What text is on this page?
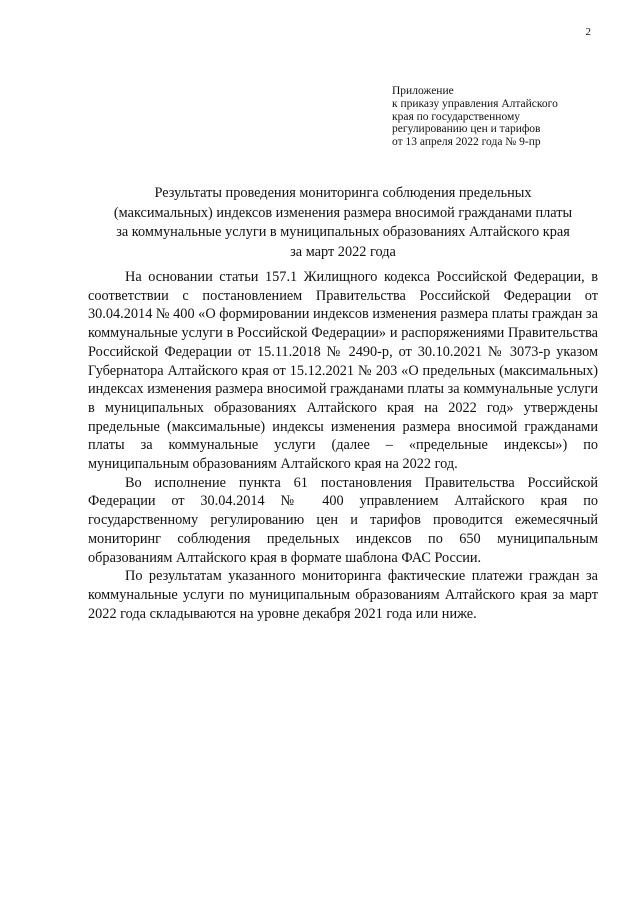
2
Приложение
к приказу управления Алтайского
края по государственному
регулированию цен и тарифов
от 13 апреля 2022 года № 9-пр
Результаты проведения мониторинга соблюдения предельных
(максимальных) индексов изменения размера вносимой гражданами платы
за коммунальные услуги в муниципальных образованиях Алтайского края
за март 2022 года

На основании статьи 157.1 Жилищного кодекса Российской Федерации, в соответствии с постановлением Правительства Российской Федерации от 30.04.2014 № 400 «О формировании индексов изменения размера платы граждан за коммунальные услуги в Российской Федерации» и распоряжениями Правительства Российской Федерации от 15.11.2018 № 2490-р, от 30.10.2021 № 3073-р указом Губернатора Алтайского края от 15.12.2021 № 203 «О предельных (максимальных) индексах изменения размера вносимой гражданами платы за коммунальные услуги в муниципальных образованиях Алтайского края на 2022 год» утверждены предельные (максимальные) индексы изменения размера вносимой гражданами платы за коммунальные услуги (далее – «предельные индексы») по муниципальным образованиям Алтайского края на 2022 год.

Во исполнение пункта 61 постановления Правительства Российской Федерации от 30.04.2014 № 400 управлением Алтайского края по государственному регулированию цен и тарифов проводится ежемесячный мониторинг соблюдения предельных индексов по 650 муниципальным образованиям Алтайского края в формате шаблона ФАС России.

По результатам указанного мониторинга фактические платежи граждан за коммунальные услуги по муниципальным образованиям Алтайского края за март 2022 года складываются на уровне декабря 2021 года или ниже.
